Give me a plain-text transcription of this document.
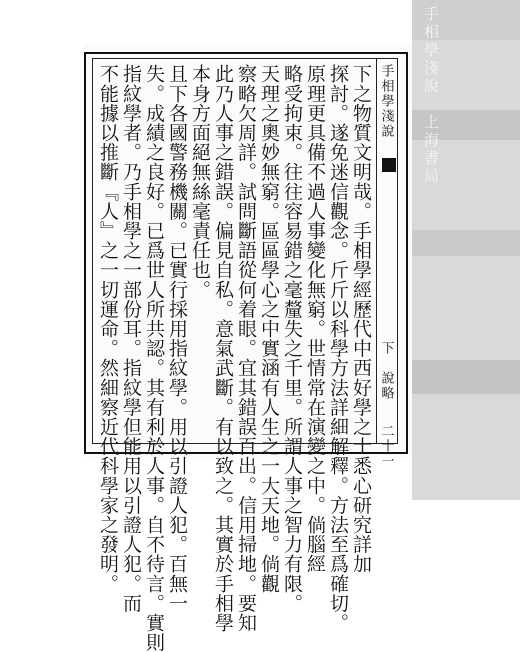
手相學淺說  下　說略 二十一
下之物質文明哉。手相學經歷代中西好學之士悉心研究詳加
探討。遂免迷信觀念。斤斤以科學方法詳細解釋。方法至爲確切。
原理更具備不過人事變化無窮。世情常在演變之中。倘腦經
略受拘束。往往容易錯之毫釐失之千里。所謂人事之智力有限。
天理之奧妙無窮。區區學心之中實涵有人生之一大天地。倘觀
察略欠周詳。試問斷語從何着眼。宜其錯誤百出。信用掃地。要知
此乃人事之錯誤。偏見自私。意氣武斷。有以致之。其實於手相學
本身方面絕無絲毫責任也。
且下各國警務機關。已實行採用指紋學。用以引證人犯。百無一
失。成績之良好。已爲世人所共認。其有利於人事。自不待言。實則
指紋學者。乃手相學之一部份耳。指紋學但能用以引證人犯。而
不能據以推斷『人』之一切運命。然細察近代科學家之發明。	手相學淺說　上海書局
